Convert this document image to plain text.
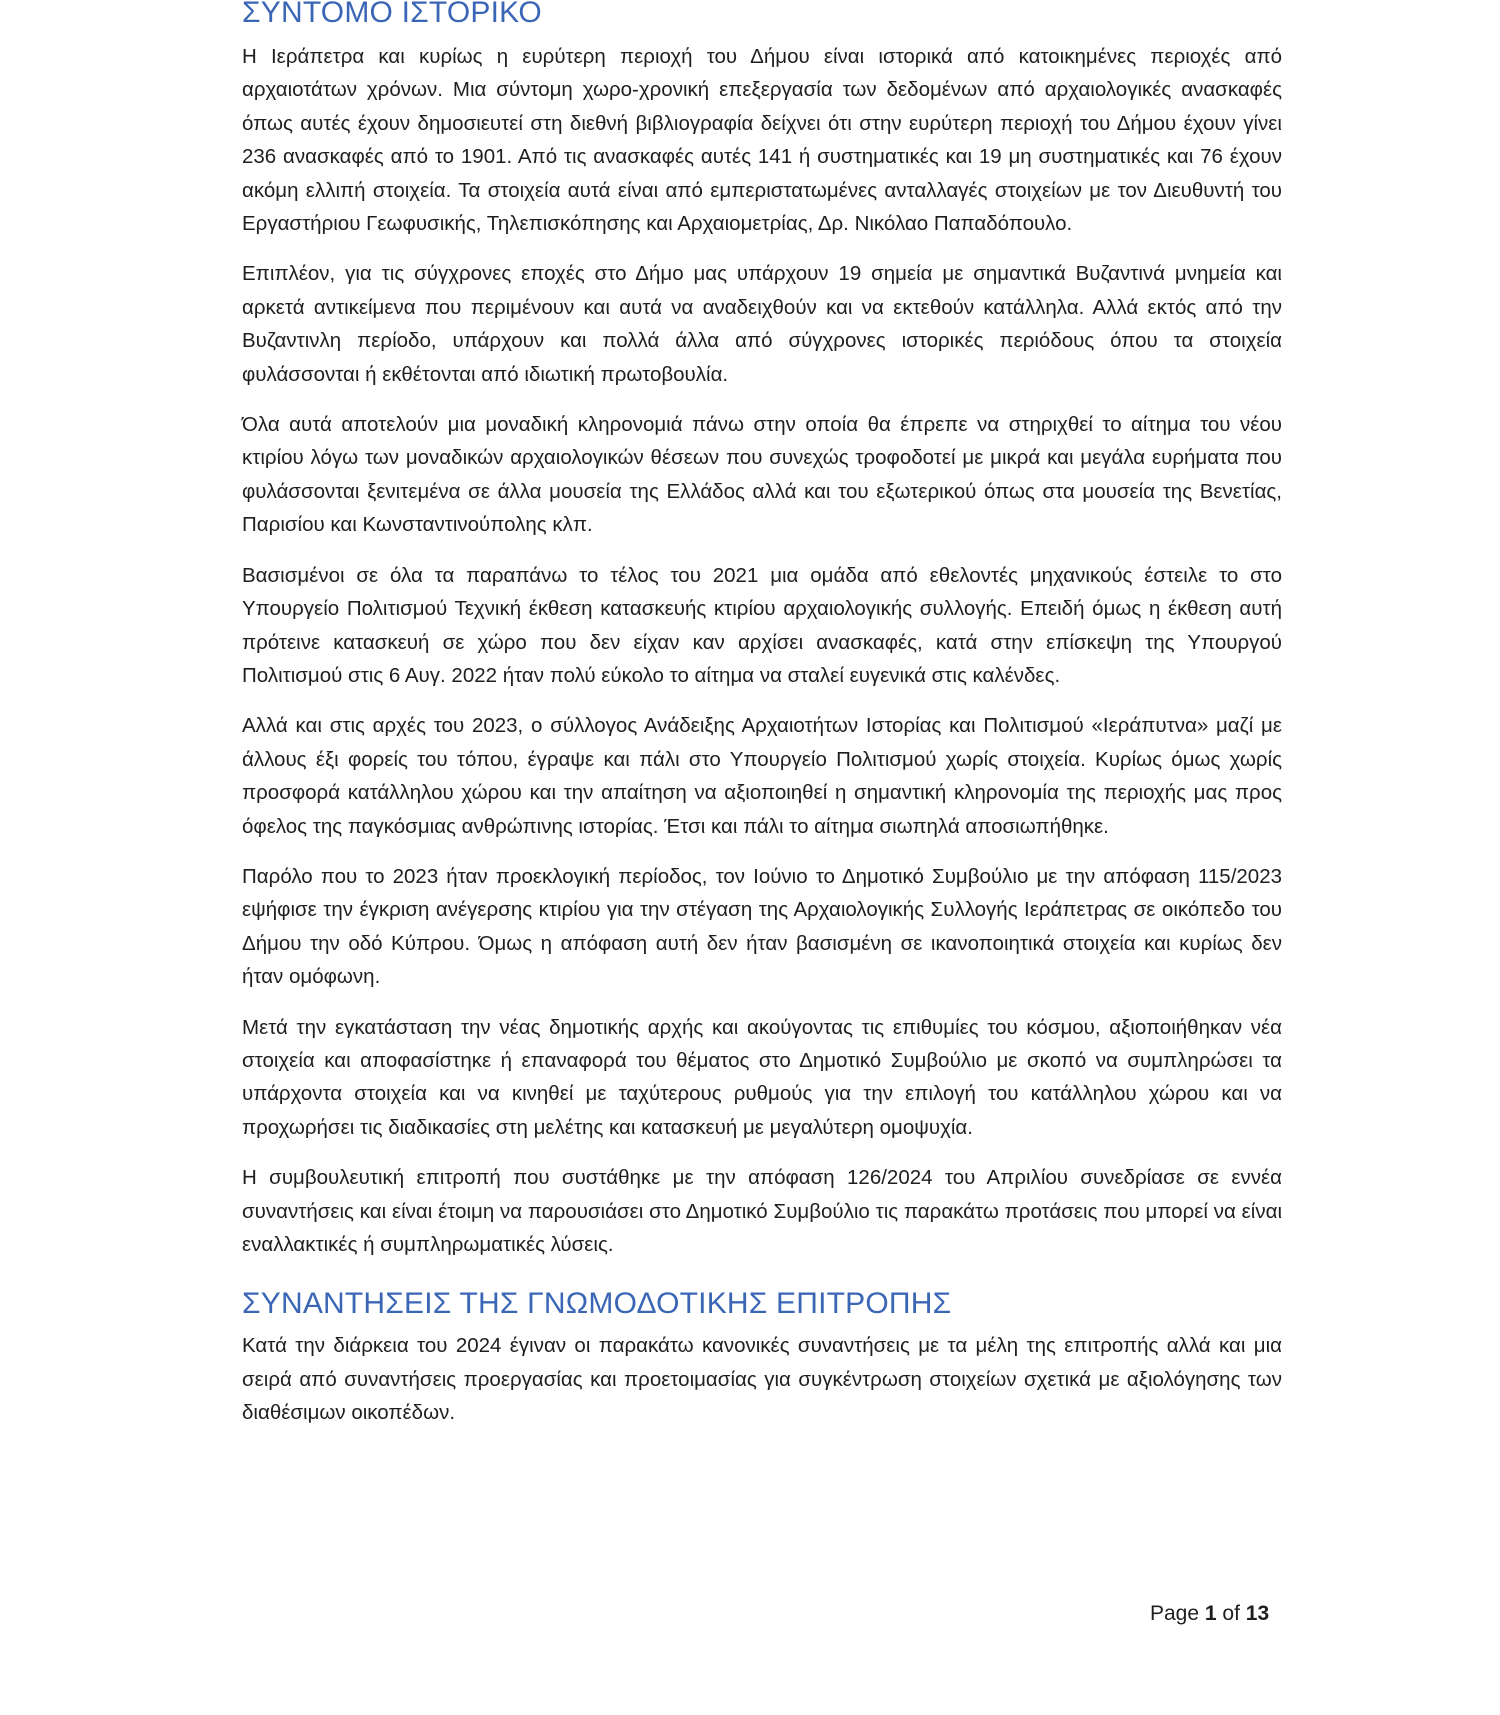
ΣΥΝΤΟΜΟ ΙΣΤΟΡΙΚΟ

Η Ιεράπετρα και κυρίως η ευρύτερη περιοχή του Δήμου είναι ιστορικά από κατοικημένες περιοχές από αρχαιοτάτων χρόνων. Μια σύντομη χωρο-χρονική επεξεργασία των δεδομένων από αρχαιολογικές ανασκαφές όπως αυτές έχουν δημοσιευτεί στη διεθνή βιβλιογραφία δείχνει ότι στην ευρύτερη περιοχή του Δήμου έχουν γίνει 236 ανασκαφές από το 1901. Από τις ανασκαφές αυτές 141 ή συστηματικές και 19 μη συστηματικές και 76 έχουν ακόμη ελλιπή στοιχεία. Τα στοιχεία αυτά είναι από εμπεριστατωμένες ανταλλαγές στοιχείων με τον Διευθυντή του Εργαστήριου Γεωφυσικής, Τηλεπισκόπησης και Αρχαιομετρίας, Δρ. Νικόλαο Παπαδόπουλο.

Επιπλέον, για τις σύγχρονες εποχές στο Δήμο μας υπάρχουν 19 σημεία με σημαντικά Βυζαντινά μνημεία και αρκετά αντικείμενα που περιμένουν και αυτά να αναδειχθούν και να εκτεθούν κατάλληλα. Αλλά εκτός από την Βυζαντινλη περίοδο, υπάρχουν και πολλά άλλα από σύγχρονες ιστορικές περιόδους όπου τα στοιχεία φυλάσσονται ή εκθέτονται από ιδιωτική πρωτοβουλία.

Όλα αυτά αποτελούν μια μοναδική κληρονομιά πάνω στην οποία θα έπρεπε να στηριχθεί το αίτημα του νέου κτιρίου λόγω των μοναδικών αρχαιολογικών θέσεων που συνεχώς τροφοδοτεί με μικρά και μεγάλα ευρήματα που φυλάσσονται ξενιτεμένα σε άλλα μουσεία της Ελλάδος αλλά και του εξωτερικού όπως στα μουσεία της Βενετίας, Παρισίου και Κωνσταντινούπολης κλπ.

Βασισμένοι σε όλα τα παραπάνω το τέλος του 2021 μια ομάδα από εθελοντές μηχανικούς έστειλε το στο Υπουργείο Πολιτισμού Τεχνική έκθεση κατασκευής κτιρίου αρχαιολογικής συλλογής. Επειδή όμως η έκθεση αυτή πρότεινε κατασκευή σε χώρο που δεν είχαν καν αρχίσει ανασκαφές, κατά στην επίσκεψη της Υπουργού Πολιτισμού στις 6 Αυγ. 2022 ήταν πολύ εύκολο το αίτημα να σταλεί ευγενικά στις καλένδες.

Αλλά και στις αρχές του 2023, ο σύλλογος Ανάδειξης Αρχαιοτήτων Ιστορίας και Πολιτισμού «Ιεράπυτνα» μαζί με άλλους έξι φορείς του τόπου, έγραψε και πάλι στο Υπουργείο Πολιτισμού χωρίς στοιχεία. Κυρίως όμως χωρίς προσφορά κατάλληλου χώρου και την απαίτηση να αξιοποιηθεί η σημαντική κληρονομία της περιοχής μας προς όφελος της παγκόσμιας ανθρώπινης ιστορίας. Έτσι και πάλι το αίτημα σιωπηλά αποσιωπήθηκε.

Παρόλο που το 2023 ήταν προεκλογική περίοδος, τον Ιούνιο το Δημοτικό Συμβούλιο με την απόφαση 115/2023 εψήφισε την έγκριση ανέγερσης κτιρίου για την στέγαση της Αρχαιολογικής Συλλογής Ιεράπετρας σε οικόπεδο του Δήμου την οδό Κύπρου. Όμως η απόφαση αυτή δεν ήταν βασισμένη σε ικανοποιητικά στοιχεία και κυρίως δεν ήταν ομόφωνη.

Μετά την εγκατάσταση την νέας δημοτικής αρχής και ακούγοντας τις επιθυμίες του κόσμου, αξιοποιήθηκαν νέα στοιχεία και αποφασίστηκε ή επαναφορά του θέματος στο Δημοτικό Συμβούλιο με σκοπό να συμπληρώσει τα υπάρχοντα στοιχεία και να κινηθεί με ταχύτερους ρυθμούς για την επιλογή του κατάλληλου χώρου και να προχωρήσει τις διαδικασίες στη μελέτης και κατασκευή με μεγαλύτερη ομοψυχία.

Η συμβουλευτική επιτροπή που συστάθηκε με την απόφαση 126/2024 του Απριλίου συνεδρίασε σε εννέα συναντήσεις και είναι έτοιμη να παρουσιάσει στο Δημοτικό Συμβούλιο τις παρακάτω προτάσεις που μπορεί να είναι εναλλακτικές ή συμπληρωματικές λύσεις.

ΣΥΝΑΝΤΗΣΕΙΣ ΤΗΣ ΓΝΩΜΟΔΟΤΙΚΗΣ ΕΠΙΤΡΟΠΗΣ

Κατά την διάρκεια του 2024 έγιναν οι παρακάτω κανονικές συναντήσεις με τα μέλη της επιτροπής αλλά και μια σειρά από συναντήσεις προεργασίας και προετοιμασίας για συγκέντρωση στοιχείων σχετικά με αξιολόγησης των διαθέσιμων οικοπέδων.

Page 1 of 13
